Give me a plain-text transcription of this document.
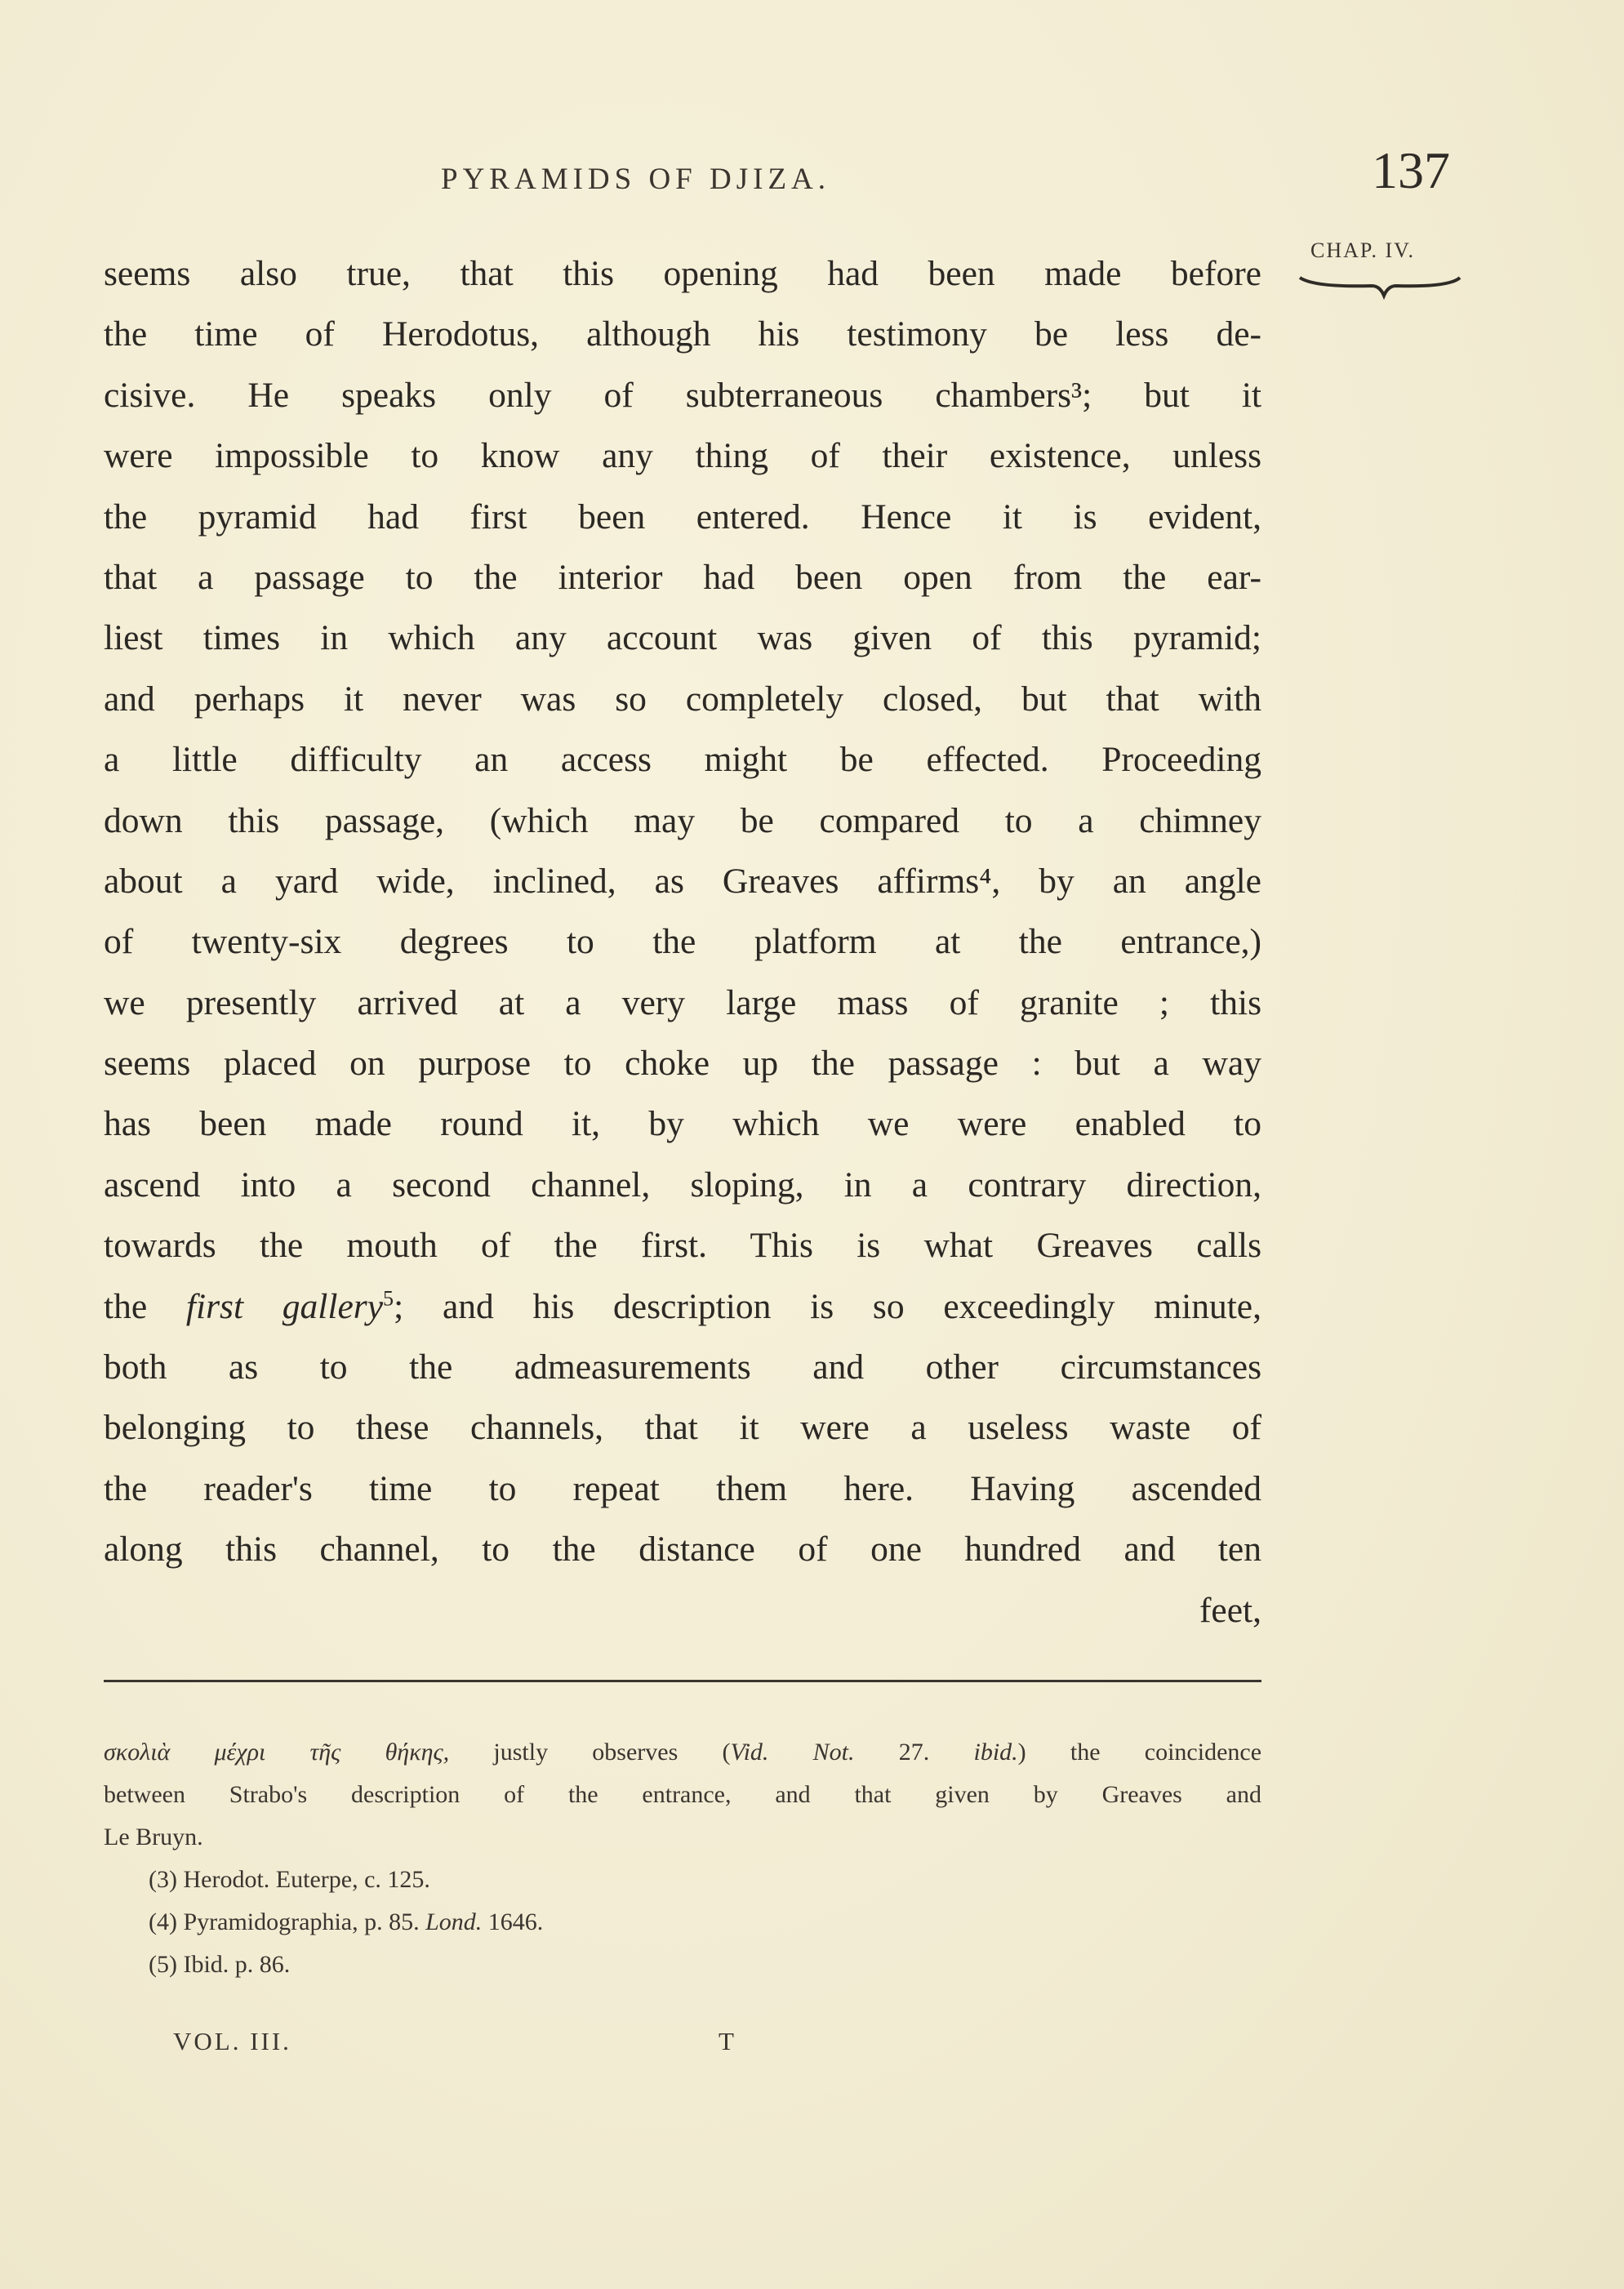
PYRAMIDS OF DJIZA.	137
CHAP. IV.
seems also true, that this opening had been made before
the time of Herodotus, although his testimony be less de-
cisive. He speaks only of subterraneous chambers³; but it
were impossible to know any thing of their existence, unless
the pyramid had first been entered. Hence it is evident,
that a passage to the interior had been open from the ear-
liest times in which any account was given of this pyramid;
and perhaps it never was so completely closed, but that with
a little difficulty an access might be effected. Proceeding
down this passage, (which may be compared to a chimney
about a yard wide, inclined, as Greaves affirms⁴, by an angle
of twenty-six degrees to the platform at the entrance,)
we presently arrived at a very large mass of granite ; this
seems placed on purpose to choke up the passage : but a way
has been made round it, by which we were enabled to
ascend into a second channel, sloping, in a contrary direction,
towards the mouth of the first. This is what Greaves calls
the first gallery$^5$; and his description is so exceedingly minute,
both as to the admeasurements and other circumstances
belonging to these channels, that it were a useless waste of
the reader's time to repeat them here. Having ascended
along this channel, to the distance of one hundred and ten
feet,
σκολιὰ μέχρι τῆς θήκης, justly observes (Vid. Not. 27. ibid.) the coincidence
between Strabo's description of the entrance, and that given by Greaves and
Le Bruyn.
(3) Herodot. Euterpe, c. 125.
(4) Pyramidographia, p. 85. Lond. 1646.
(5) Ibid. p. 86.
VOL. III.	T
